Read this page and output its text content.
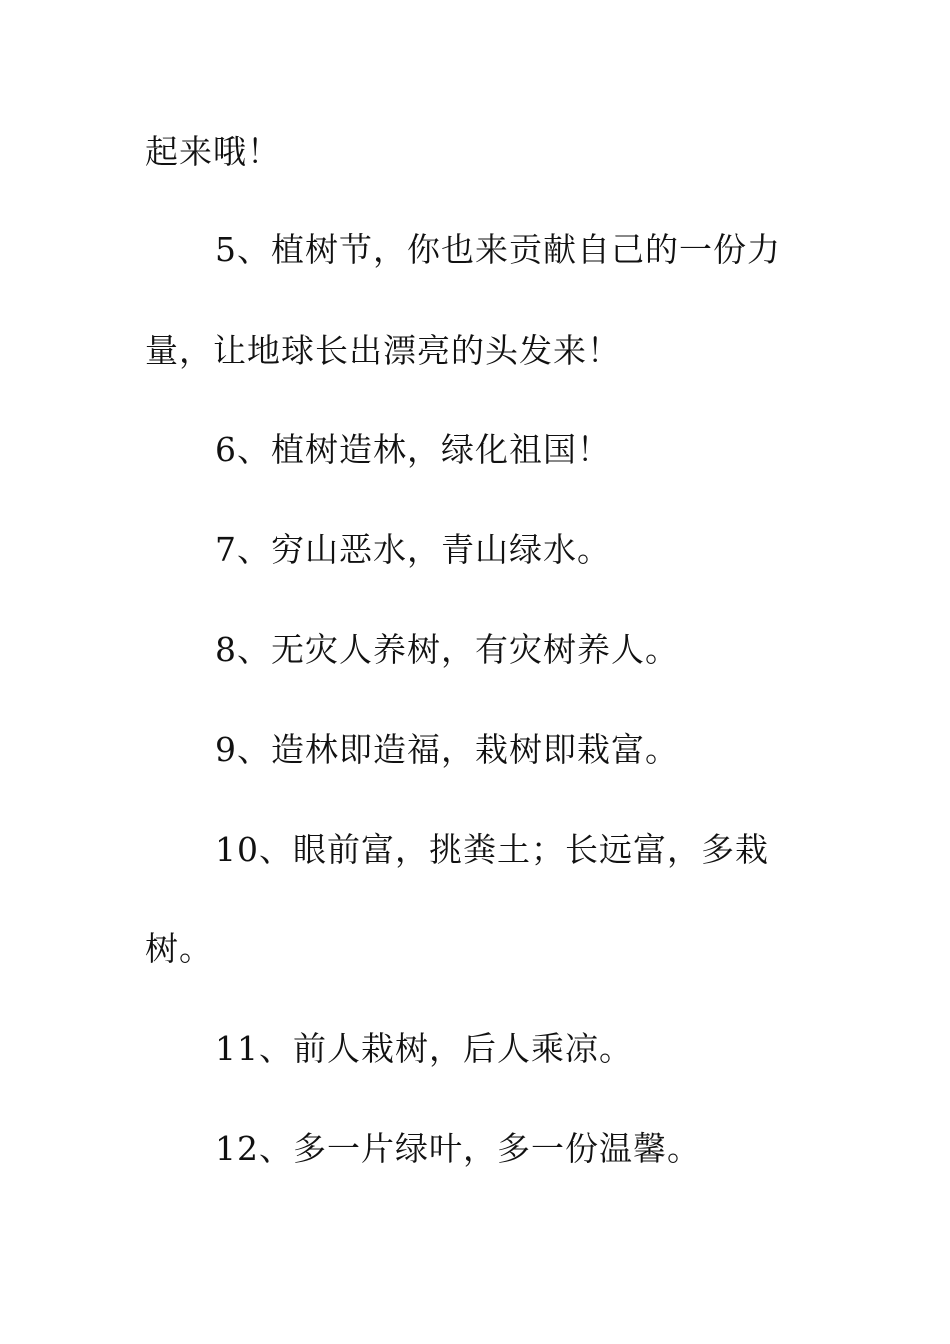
起来哦！
5、植树节，你也来贡献自己的一份力
量，让地球长出漂亮的头发来！
6、植树造林，绿化祖国！
7、穷山恶水，青山绿水。
8、无灾人养树，有灾树养人。
9、造林即造福，栽树即栽富。
10、眼前富，挑粪土；长远富，多栽
树。
11、前人栽树，后人乘凉。
12、多一片绿叶，多一份温馨。
